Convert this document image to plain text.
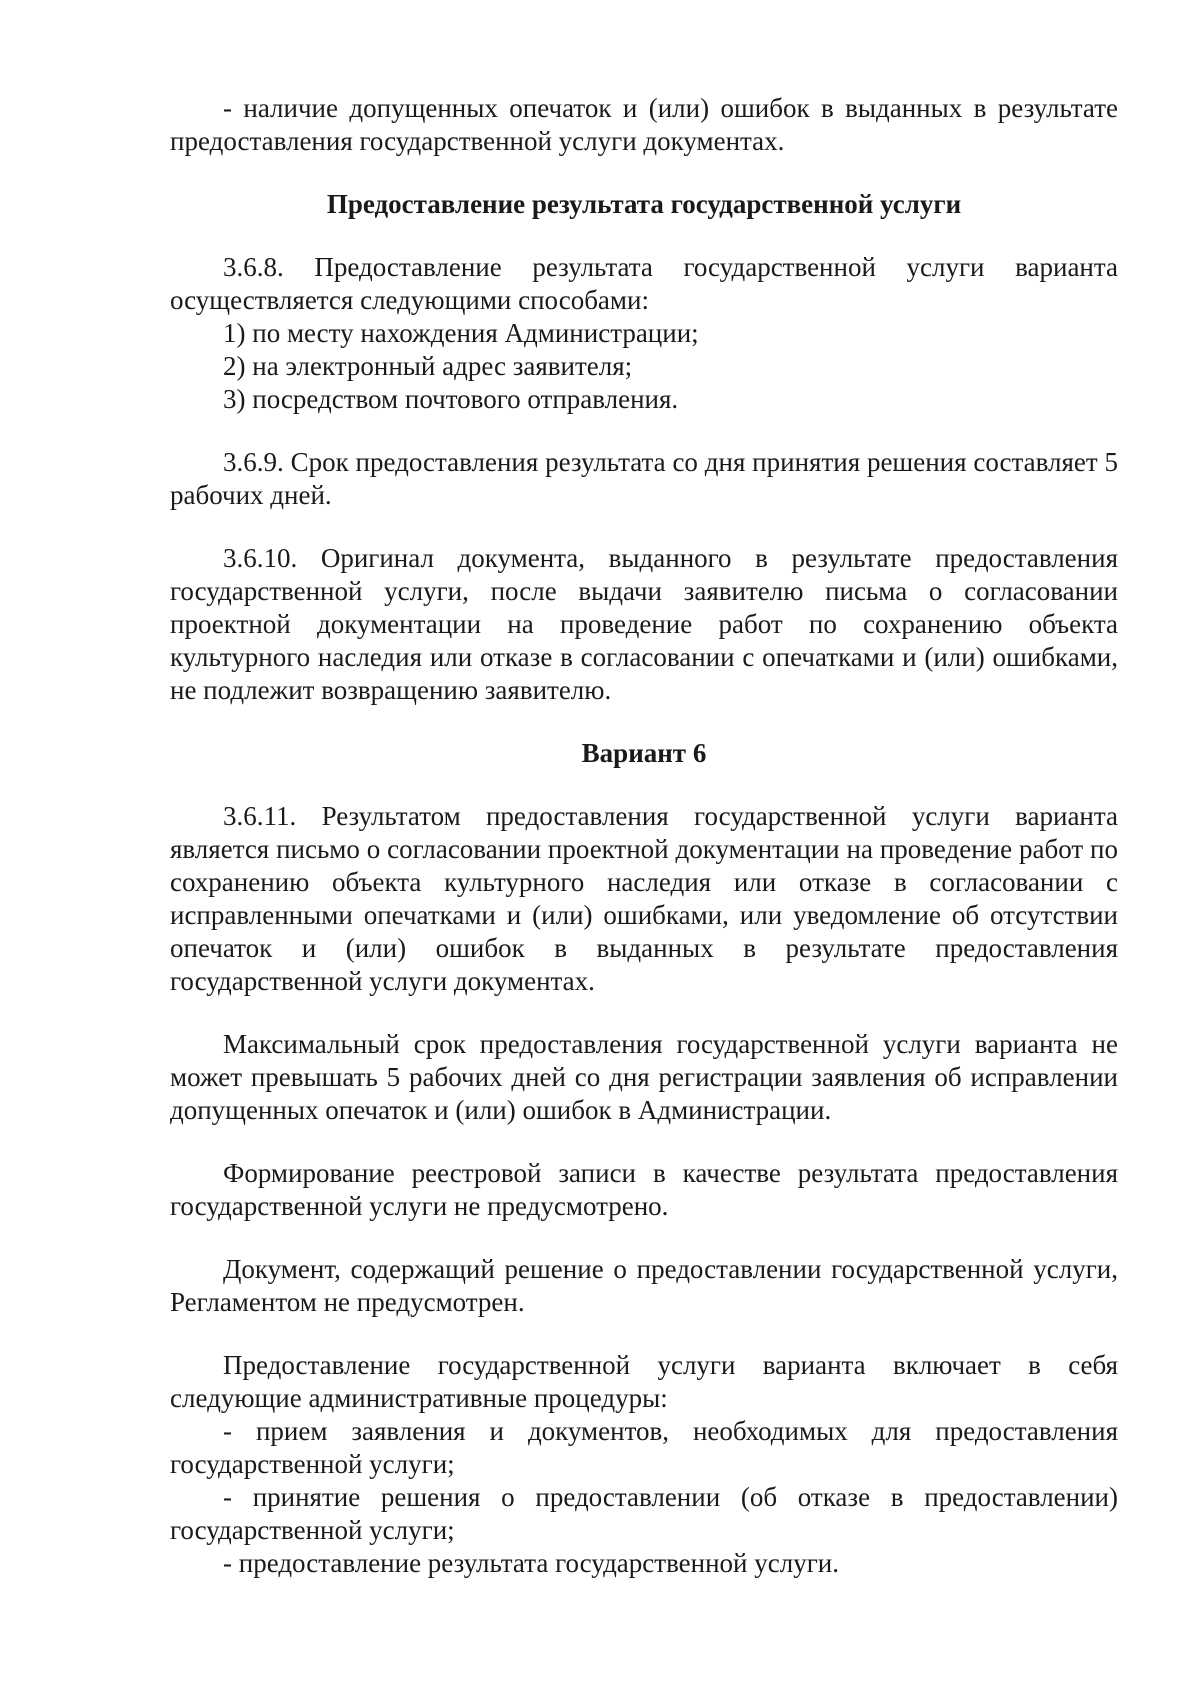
- наличие допущенных опечаток и (или) ошибок в выданных в результате предоставления государственной услуги документах.

Предоставление результата государственной услуги

3.6.8. Предоставление результата государственной услуги варианта осуществляется следующими способами:

1) по месту нахождения Администрации;

2) на электронный адрес заявителя;

3) посредством почтового отправления.

3.6.9. Срок предоставления результата со дня принятия решения составляет 5 рабочих дней.

3.6.10. Оригинал документа, выданного в результате предоставления государственной услуги, после выдачи заявителю письма о согласовании проектной документации на проведение работ по сохранению объекта культурного наследия или отказе в согласовании с опечатками и (или) ошибками, не подлежит возвращению заявителю.

Вариант 6

3.6.11. Результатом предоставления государственной услуги варианта является письмо о согласовании проектной документации на проведение работ по сохранению объекта культурного наследия или отказе в согласовании с исправленными опечатками и (или) ошибками, или уведомление об отсутствии опечаток и (или) ошибок в выданных в результате предоставления государственной услуги документах.

Максимальный срок предоставления государственной услуги варианта не может превышать 5 рабочих дней со дня регистрации заявления об исправлении допущенных опечаток и (или) ошибок в Администрации.

Формирование реестровой записи в качестве результата предоставления государственной услуги не предусмотрено.

Документ, содержащий решение о предоставлении государственной услуги, Регламентом не предусмотрен.

Предоставление государственной услуги варианта включает в себя следующие административные процедуры:

- прием заявления и документов, необходимых для предоставления государственной услуги;

- принятие решения о предоставлении (об отказе в предоставлении) государственной услуги;

- предоставление результата государственной услуги.
